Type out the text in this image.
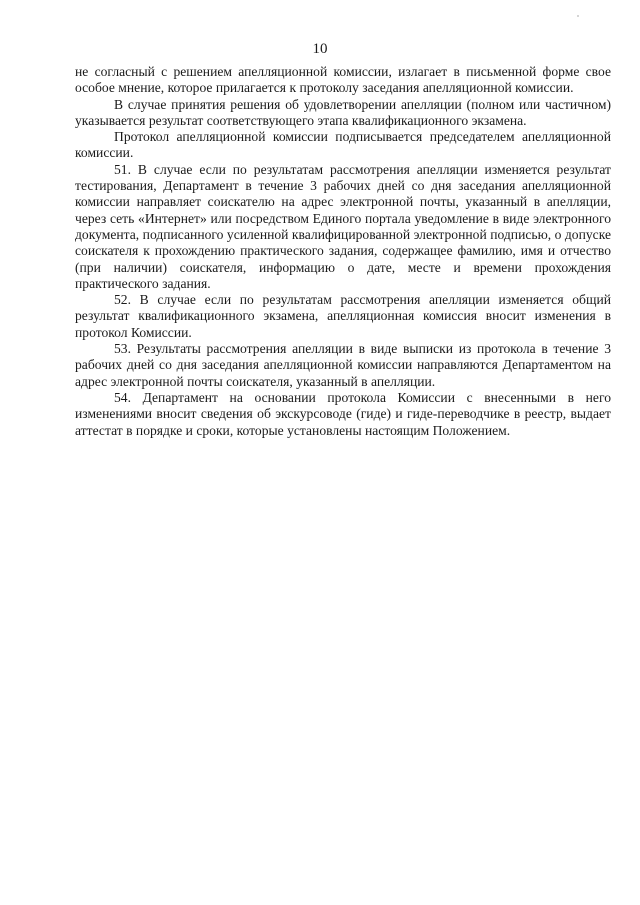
10

не согласный с решением апелляционной комиссии, излагает в письменной форме свое особое мнение, которое прилагается к протоколу заседания апелляционной комиссии.

В случае принятия решения об удовлетворении апелляции (полном или частичном) указывается результат соответствующего этапа квалификационного экзамена.

Протокол апелляционной комиссии подписывается председателем апелляционной комиссии.

51. В случае если по результатам рассмотрения апелляции изменяется результат тестирования, Департамент в течение 3 рабочих дней со дня заседания апелляционной комиссии направляет соискателю на адрес электронной почты, указанный в апелляции, через сеть «Интернет» или посредством Единого портала уведомление в виде электронного документа, подписанного усиленной квалифицированной электронной подписью, о допуске соискателя к прохождению практического задания, содержащее фамилию, имя и отчество (при наличии) соискателя, информацию о дате, месте и времени прохождения практического задания.

52. В случае если по результатам рассмотрения апелляции изменяется общий результат квалификационного экзамена, апелляционная комиссия вносит изменения в протокол Комиссии.

53. Результаты рассмотрения апелляции в виде выписки из протокола в течение 3 рабочих дней со дня заседания апелляционной комиссии направляются Департаментом на адрес электронной почты соискателя, указанный в апелляции.

54. Департамент на основании протокола Комиссии с внесенными в него изменениями вносит сведения об экскурсоводе (гиде) и гиде-переводчике в реестр, выдает аттестат в порядке и сроки, которые установлены настоящим Положением.
